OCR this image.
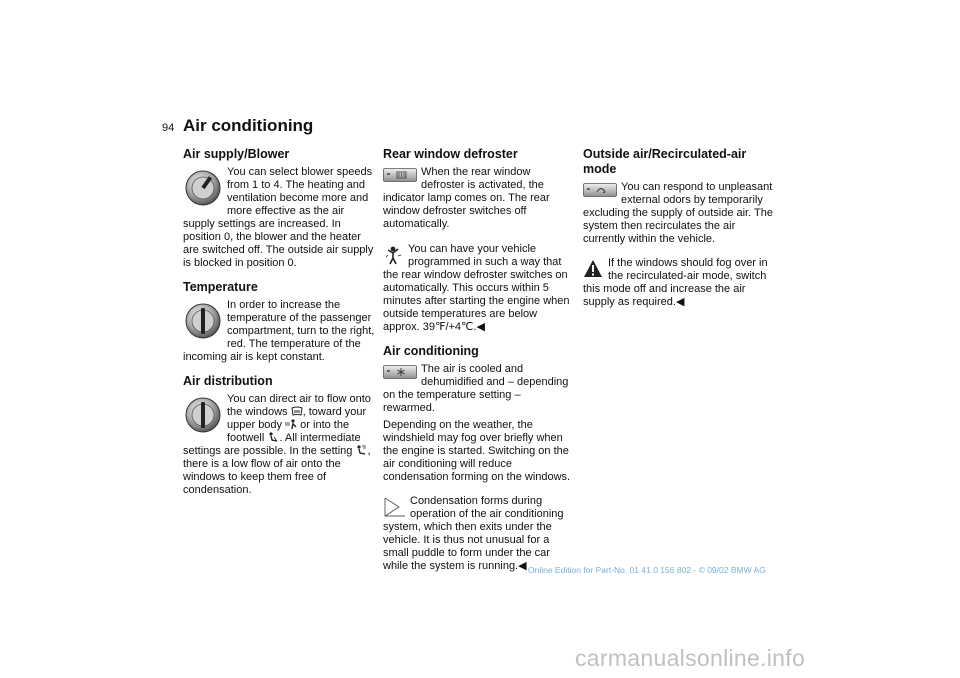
94 Air conditioning
Air supply/Blower

You can select blower speeds from 1 to 4. The heating and ventilation become more and more effective as the air supply settings are increased. In position 0, the blower and the heater are switched off. The outside air supply is blocked in position 0.

Temperature

In order to increase the temperature of the passenger compartment, turn to the right, red. The temperature of the incoming air is kept constant.

Air distribution

You can direct air to flow onto the windows , toward your upper body  or into the footwell . All intermediate settings are possible. In the setting , there is a low flow of air onto the windows to keep them free of condensation.

Rear window defroster

When the rear window defroster is activated, the indicator lamp comes on. The rear window defroster switches off automatically.

You can have your vehicle programmed in such a way that the rear window defroster switches on automatically. This occurs within 5 minutes after starting the engine when outside temperatures are below approx. 39℉/+4℃.◀

Air conditioning

The air is cooled and dehumidified and – depending on the temperature setting – rewarmed.

Depending on the weather, the windshield may fog over briefly when the engine is started. Switching on the air conditioning will reduce condensation forming on the windows.

Condensation forms during operation of the air conditioning system, which then exits under the vehicle. It is thus not unusual for a small puddle to form under the car while the system is running.◀

Outside air/Recirculated-air mode

You can respond to unpleasant external odors by temporarily excluding the supply of outside air. The system then recirculates the air currently within the vehicle.

If the windows should fog over in the recirculated-air mode, switch this mode off and increase the air supply as required.◀

Online Edition for Part-No. 01 41 0 156 802 - © 09/02 BMW AG
carmanualsonline.info
